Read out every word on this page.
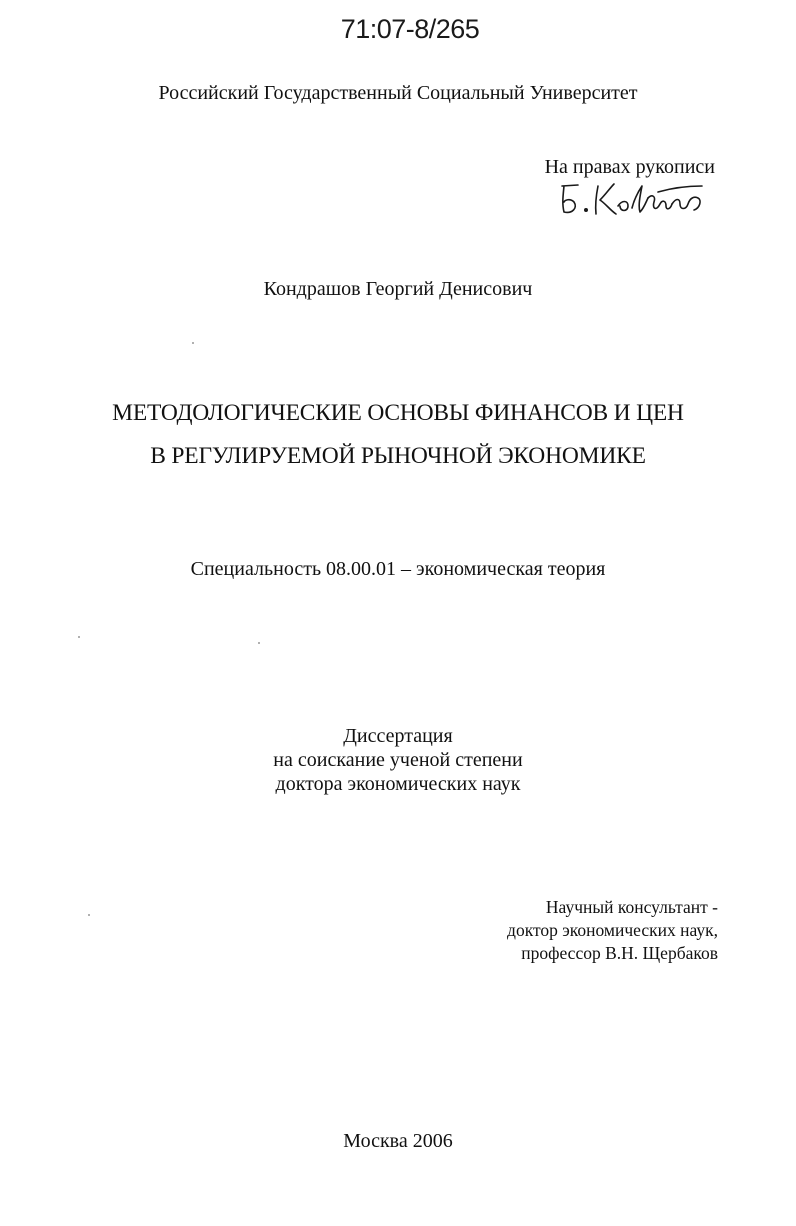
71:07-8/265
Российский Государственный Социальный Университет
На правах рукописи
Кондрашов Георгий Денисович
МЕТОДОЛОГИЧЕСКИЕ ОСНОВЫ ФИНАНСОВ И ЦЕН
В РЕГУЛИРУЕМОЙ РЫНОЧНОЙ ЭКОНОМИКЕ
Специальность 08.00.01 – экономическая теория
Диссертация
на соискание ученой степени
доктора экономических наук
Научный консультант -
доктор экономических наук,
профессор В.Н. Щербаков
Москва 2006
